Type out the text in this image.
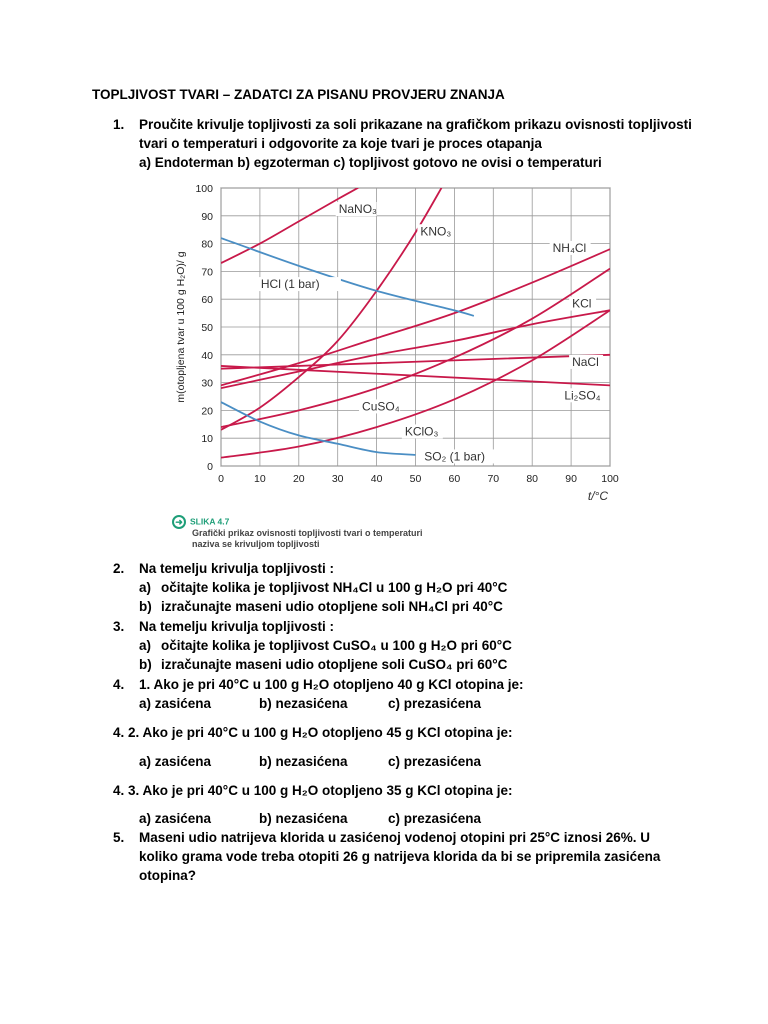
TOPLJIVOST TVARI – ZADATCI ZA PISANU PROVJERU ZNANJA
1. Proučite krivulje topljivosti za soli prikazane na grafičkom prikazu ovisnosti topljivosti
tvari o temperaturi i odgovorite za koje tvari je proces otapanja
a) Endoterman b) egzoterman c) topljivost gotovo ne ovisi o temperaturi
0	10	20	30	40	50	60	70	80	90 100
0
10
20
30
40
50
60
70
80
90
100
t/°C
m(otopljena tvar u 100 g H₂O)/ g
NaNO₃
KNO₃
NH₄Cl
HCl (1 bar)
KCl
NaCl
Li₂SO₄
CuSO₄
KClO₃
SO₂ (1 bar)
➜ SLIKA 4.7
Grafički prikaz ovisnosti topljivosti tvari o temperaturi
naziva se krivuljom topljivosti
2. Na temelju krivulja topljivosti :
a) očitajte kolika je topljivost NH₄Cl u 100 g H₂O pri 40°C
b) izračunajte maseni udio otopljene soli NH₄Cl pri 40°C
3. Na temelju krivulja topljivosti :
a) očitajte kolika je topljivost CuSO₄ u 100 g H₂O pri 60°C
b) izračunajte maseni udio otopljene soli CuSO₄ pri 60°C
4. 1. Ako je pri 40°C u 100 g H₂O otopljeno 40 g KCl otopina je:
a) zasićena	b) nezasićena	c) prezasićena
4. 2. Ako je pri 40°C u 100 g H₂O otopljeno 45 g KCl otopina je:
a) zasićena	b) nezasićena	c) prezasićena
4. 3. Ako je pri 40°C u 100 g H₂O otopljeno 35 g KCl otopina je:
a) zasićena	b) nezasićena	c) prezasićena
5. Maseni udio natrijeva klorida u zasićenoj vodenoj otopini pri 25°C iznosi 26%. U
koliko grama vode treba otopiti 26 g natrijeva klorida da bi se pripremila zasićena
otopina?
